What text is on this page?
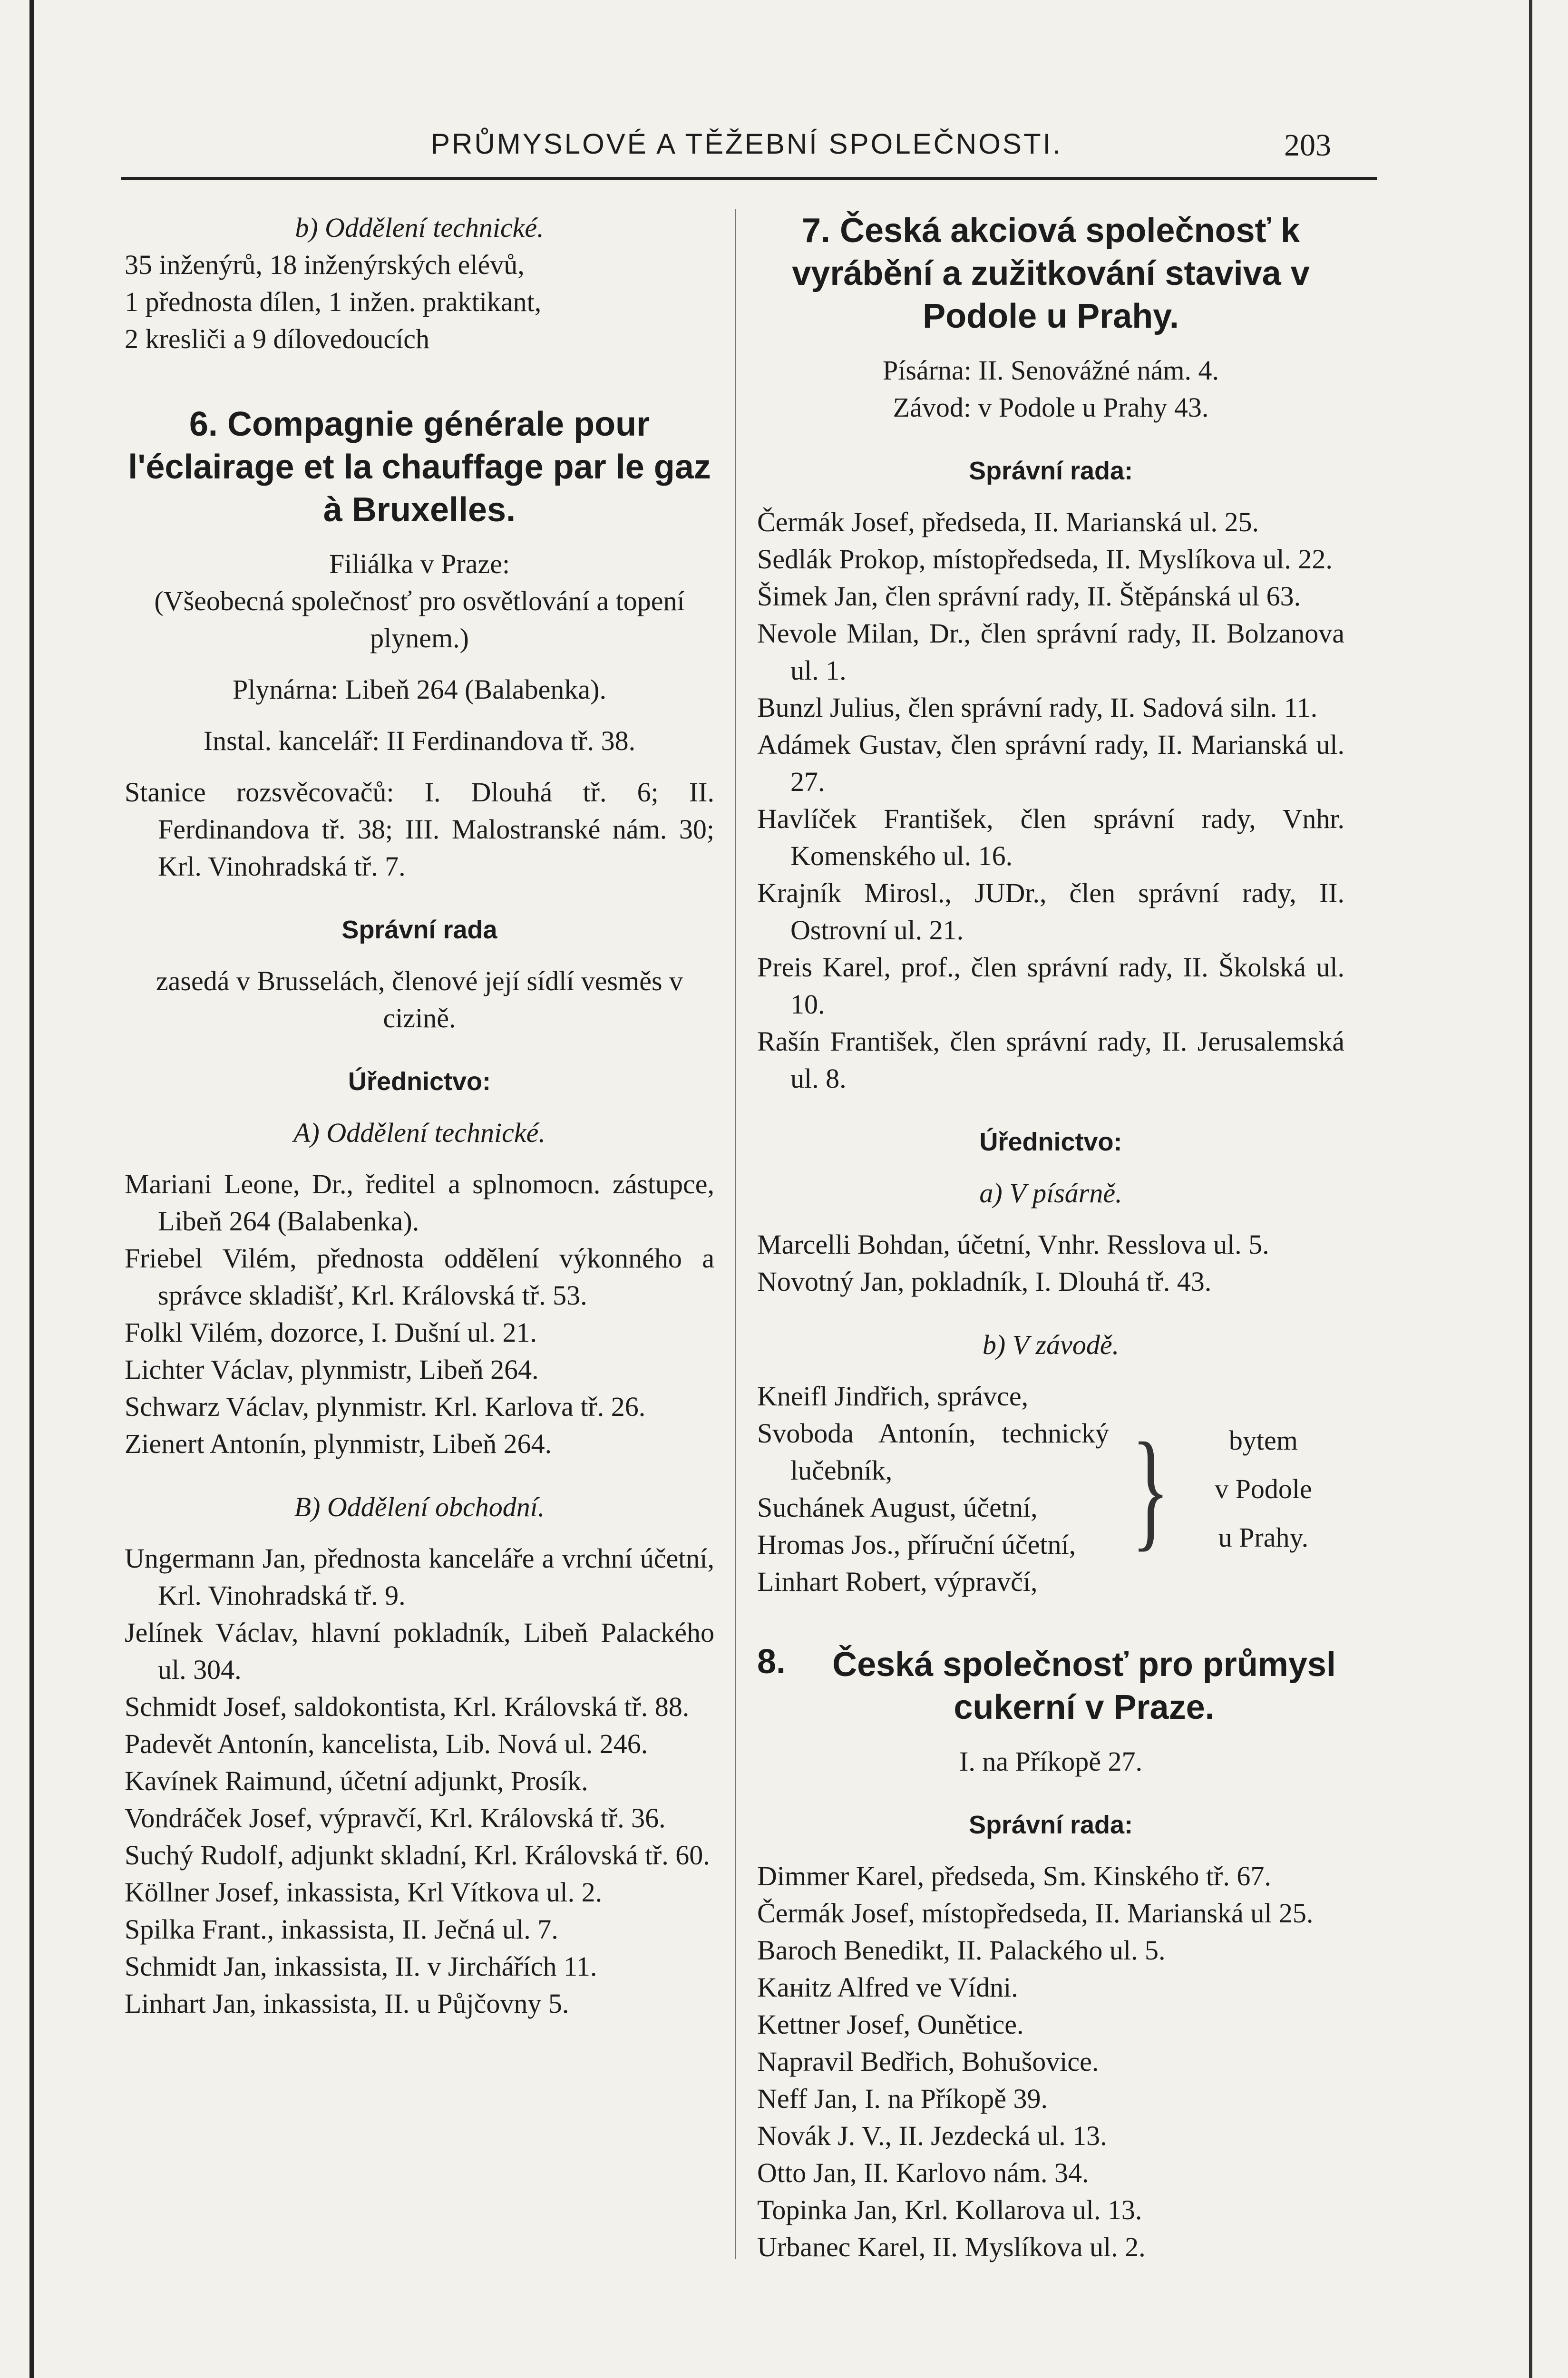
PRŮMYSLOVÉ A TĚŽEBNÍ SPOLEČNOSTI.	203
b) Oddělení technické.
35 inženýrů, 18 inženýrských elévů,
1 přednosta dílen, 1 inžen. praktikant,
2 kresliči a 9 dílovedoucích
6. Compagnie générale pour l'éclairage et la chauffage par le gaz à Bruxelles.
Filiálka v Praze:
(Všeobecná společnosť pro osvětlování a topení plynem.)
Plynárna: Libeň 264 (Balabenka).
Instal. kancelář: II Ferdinandova tř. 38.
Stanice rozsvěcovačů: I. Dlouhá tř. 6; II. Ferdinandova tř. 38; III. Malostranské nám. 30; Krl. Vinohradská tř. 7.
Správní rada
zasedá v Brusselách, členové její sídlí vesměs v cizině.
Úřednictvo:
A) Oddělení technické.
Mariani Leone, Dr., ředitel a splnomocn. zástupce, Libeň 264 (Balabenka).
Friebel Vilém, přednosta oddělení výkonného a správce skladišť, Krl. Královská tř. 53.
Folkl Vilém, dozorce, I. Dušní ul. 21.
Lichter Václav, plynmistr, Libeň 264.
Schwarz Václav, plynmistr. Krl. Karlova tř. 26.
Zienert Antonín, plynmistr, Libeň 264.
B) Oddělení obchodní.
Ungermann Jan, přednosta kanceláře a vrchní účetní, Krl. Vinohradská tř. 9.
Jelínek Václav, hlavní pokladník, Libeň Palackého ul. 304.
Schmidt Josef, saldokontista, Krl. Královská tř. 88.
Padevět Antonín, kancelista, Lib. Nová ul. 246.
Kavínek Raimund, účetní adjunkt, Prosík.
Vondráček Josef, výpravčí, Krl. Královská tř. 36.
Suchý Rudolf, adjunkt skladní, Krl. Královská tř. 60.
Köllner Josef, inkassista, Krl Vítkova ul. 2.
Spilka Frant., inkassista, II. Ječná ul. 7.
Schmidt Jan, inkassista, II. v Jirchářích 11.
Linhart Jan, inkassista, II. u Půjčovny 5.
7. Česká akciová společnosť k vyrábění a zužitkování staviva v Podole u Prahy.
Písárna: II. Senovážné nám. 4.
Závod: v Podole u Prahy 43.
Správní rada:
Čermák Josef, předseda, II. Marianská ul. 25.
Sedlák Prokop, místopředseda, II. Myslíkova ul. 22.
Šimek Jan, člen správní rady, II. Štěpánská ul 63.
Nevole Milan, Dr., člen správní rady, II. Bolzanova ul. 1.
Bunzl Julius, člen správní rady, II. Sadová siln. 11.
Adámek Gustav, člen správní rady, II. Marianská ul. 27.
Havlíček František, člen správní rady, Vnhr. Komenského ul. 16.
Krajník Mirosl., JUDr., člen správní rady, II. Ostrovní ul. 21.
Preis Karel, prof., člen správní rady, II. Školská ul. 10.
Rašín František, člen správní rady, II. Jerusalemská ul. 8.
Úřednictvo:
a) V písárně.
Marcelli Bohdan, účetní, Vnhr. Resslova ul. 5.
Novotný Jan, pokladník, I. Dlouhá tř. 43.
b) V závodě.
Kneifl Jindřich, správce,
Svoboda Antonín, technický lučebník,
Suchánek August, účetní,
Hromas Jos., příruční účetní,
Linhart Robert, výpravčí,
}	bytem
v Podole
u Prahy.
8.	Česká společnosť pro průmysl cukerní v Praze.
I. na Příkopě 27.
Správní rada:
Dimmer Karel, předseda, Sm. Kinského tř. 67.
Čermák Josef, místopředseda, II. Marianská ul 25.
Baroch Benedikt, II. Palackého ul. 5.
Kaнitz Alfred ve Vídni.
Kettner Josef, Ounětice.
Napravil Bedřich, Bohušovice.
Neff Jan, I. na Příkopě 39.
Novák J. V., II. Jezdecká ul. 13.
Otto Jan, II. Karlovo nám. 34.
Topinka Jan, Krl. Kollarova ul. 13.
Urbanec Karel, II. Myslíkova ul. 2.
